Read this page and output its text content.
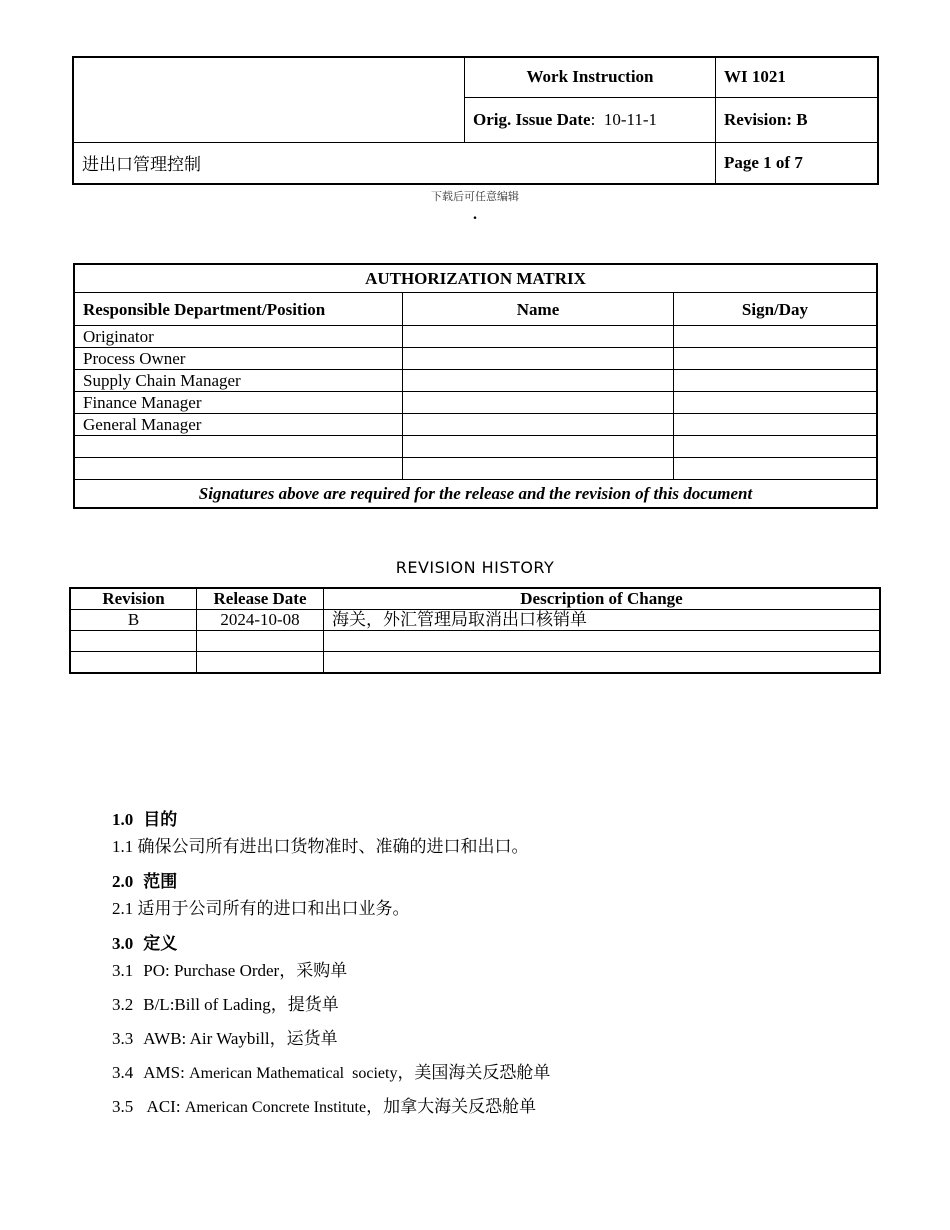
	Work Instruction	WI 1021
	Orig. Issue Date:  10-11-1	Revision: B
进出口管理控制		Page 1 of 7
下载后可任意编辑
.
AUTHORIZATION MATRIX		
Responsible Department/Position	Name	Sign/Day
Originator		
Process Owner		
Supply Chain Manager		
Finance Manager		
General Manager		

Signatures above are required for the release and the revision of this document		
REVISION HISTORY
Revision	Release Date	Description of Change
B	2024-10-08	海关，外汇管理局取消出口核销单

1.0 目的

1.1 确保公司所有进出口货物准时、准确的进口和出口。

2.0 范围

2.1 适用于公司所有的进口和出口业务。

3.0 定义

3.1 PO: Purchase Order，采购单

3.2 B/L:Bill of Lading，提货单

3.3 AWB: Air Waybill，运货单

3.4 AMS: American Mathematical  society，美国海关反恐舱单

3.5 ACI: American Concrete Institute，加拿大海关反恐舱单
